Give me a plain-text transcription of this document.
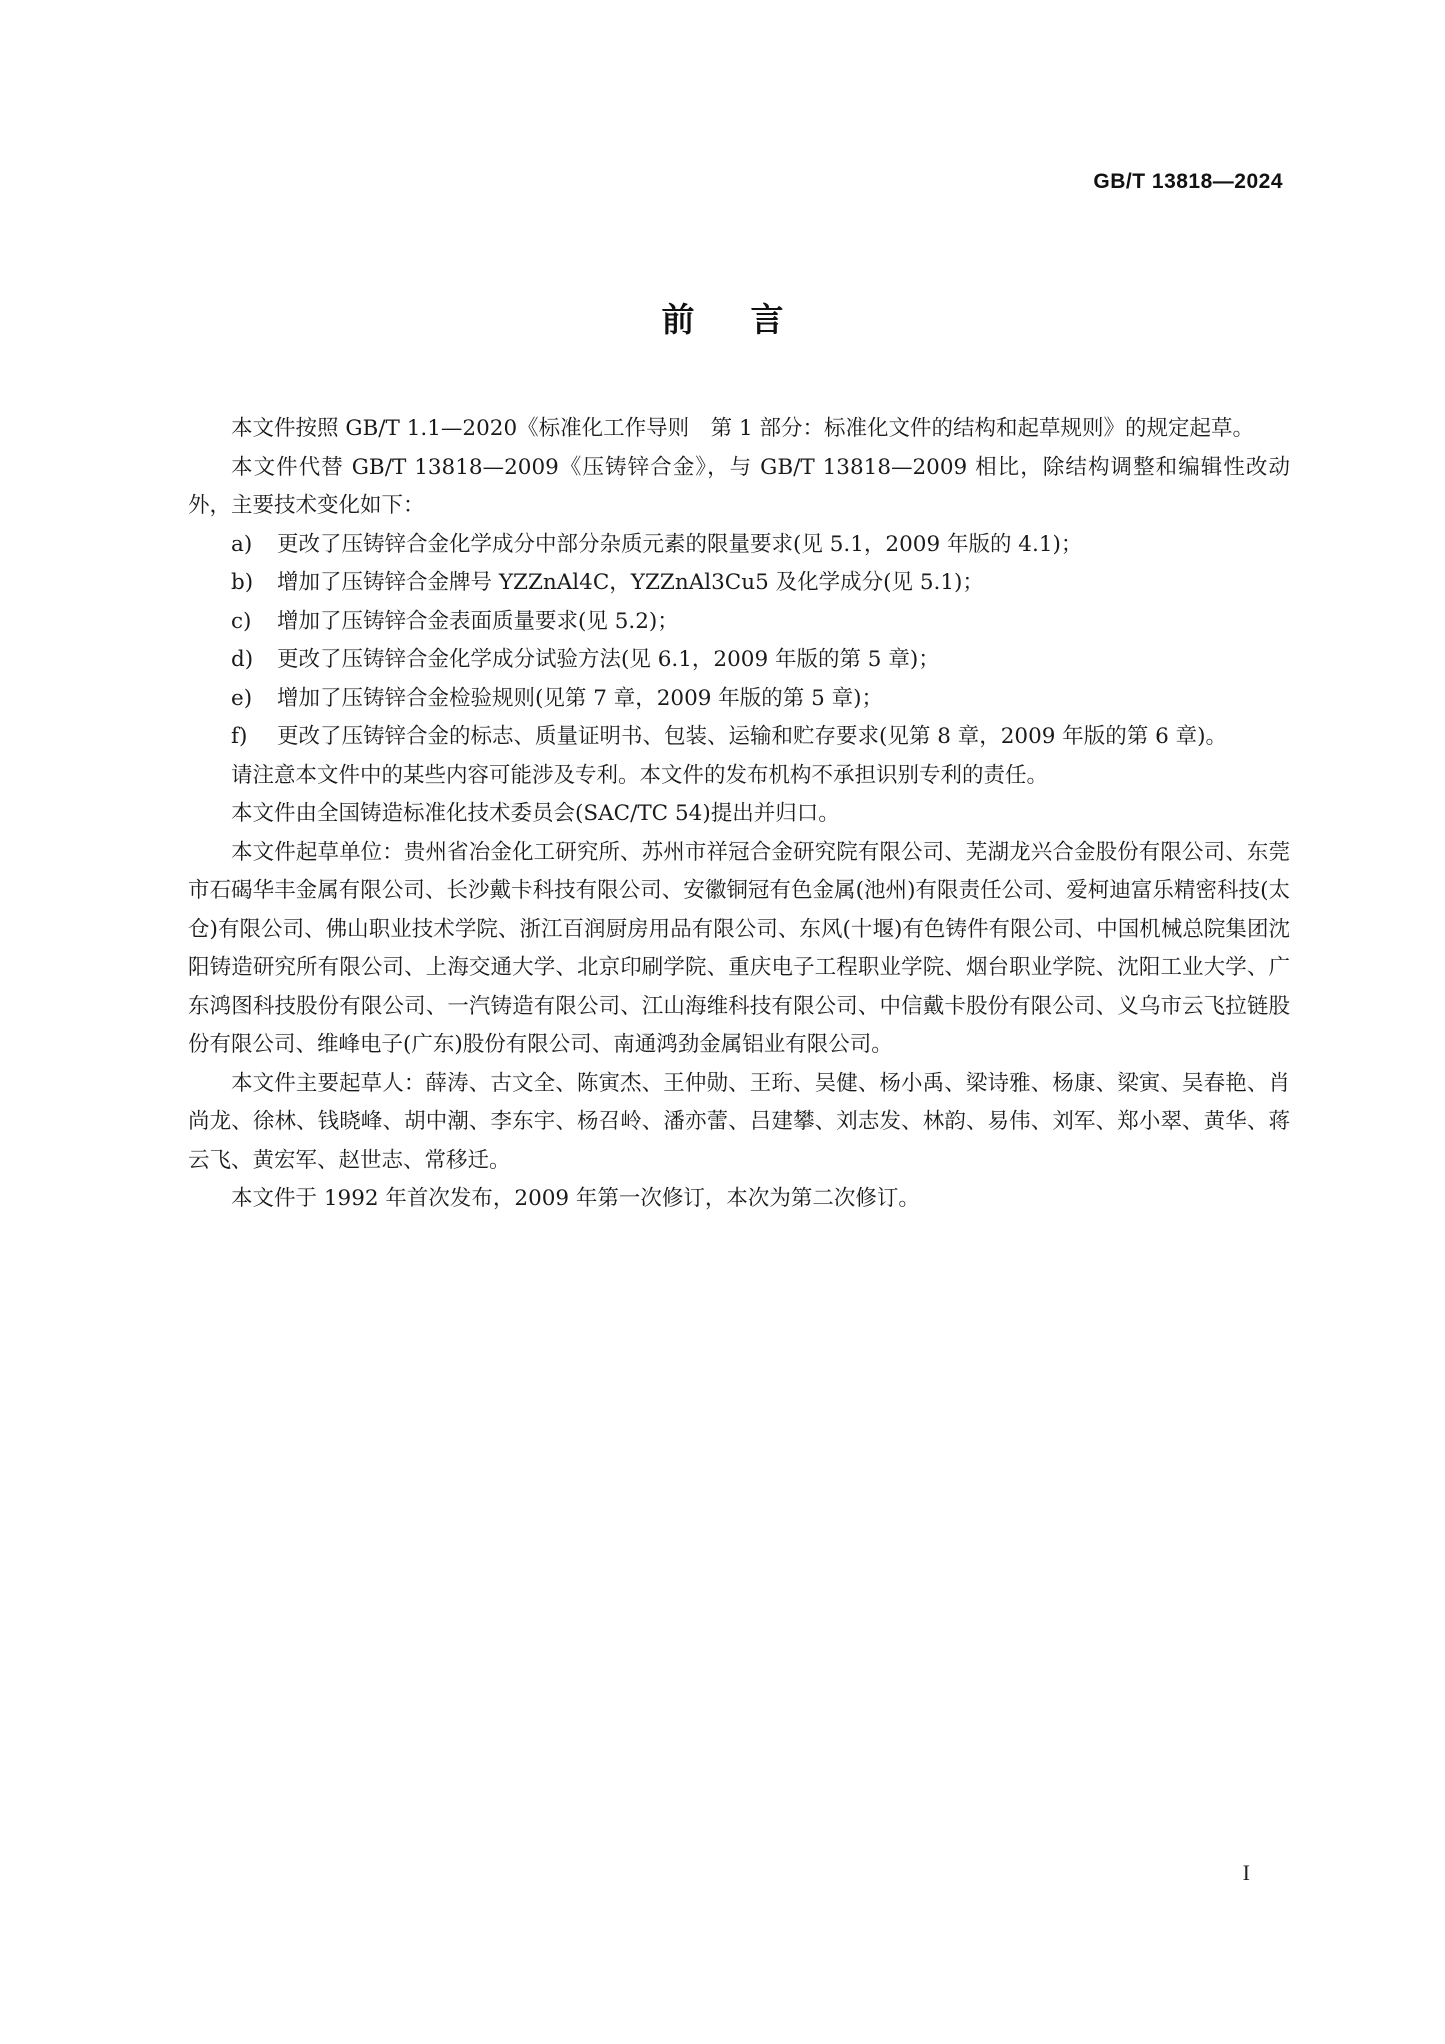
GB/T 13818—2024
前言

本文件按照 GB/T 1.1—2020《标准化工作导则　第 1 部分：标准化文件的结构和起草规则》的规定起草。

本文件代替 GB/T 13818—2009《压铸锌合金》，与 GB/T 13818—2009 相比，除结构调整和编辑性改动外，主要技术变化如下：

a)	更改了压铸锌合金化学成分中部分杂质元素的限量要求(见 5.1，2009 年版的 4.1)；
b)	增加了压铸锌合金牌号 YZZnAl4C，YZZnAl3Cu5 及化学成分(见 5.1)；
c)	增加了压铸锌合金表面质量要求(见 5.2)；
d)	更改了压铸锌合金化学成分试验方法(见 6.1，2009 年版的第 5 章)；
e)	增加了压铸锌合金检验规则(见第 7 章，2009 年版的第 5 章)；
f)	更改了压铸锌合金的标志、质量证明书、包装、运输和贮存要求(见第 8 章，2009 年版的第 6 章)。

请注意本文件中的某些内容可能涉及专利。本文件的发布机构不承担识别专利的责任。

本文件由全国铸造标准化技术委员会(SAC/TC 54)提出并归口。

本文件起草单位：贵州省冶金化工研究所、苏州市祥冠合金研究院有限公司、芜湖龙兴合金股份有限公司、东莞市石碣华丰金属有限公司、长沙戴卡科技有限公司、安徽铜冠有色金属(池州)有限责任公司、爱柯迪富乐精密科技(太仓)有限公司、佛山职业技术学院、浙江百润厨房用品有限公司、东风(十堰)有色铸件有限公司、中国机械总院集团沈阳铸造研究所有限公司、上海交通大学、北京印刷学院、重庆电子工程职业学院、烟台职业学院、沈阳工业大学、广东鸿图科技股份有限公司、一汽铸造有限公司、江山海维科技有限公司、中信戴卡股份有限公司、义乌市云飞拉链股份有限公司、维峰电子(广东)股份有限公司、南通鸿劲金属铝业有限公司。

本文件主要起草人：薛涛、古文全、陈寅杰、王仲勋、王珩、吴健、杨小禹、梁诗雅、杨康、梁寅、吴春艳、肖尚龙、徐林、钱晓峰、胡中潮、李东宇、杨召岭、潘亦蕾、吕建攀、刘志发、林韵、易伟、刘军、郑小翠、黄华、蒋云飞、黄宏军、赵世志、常移迁。

本文件于 1992 年首次发布，2009 年第一次修订，本次为第二次修订。

I
